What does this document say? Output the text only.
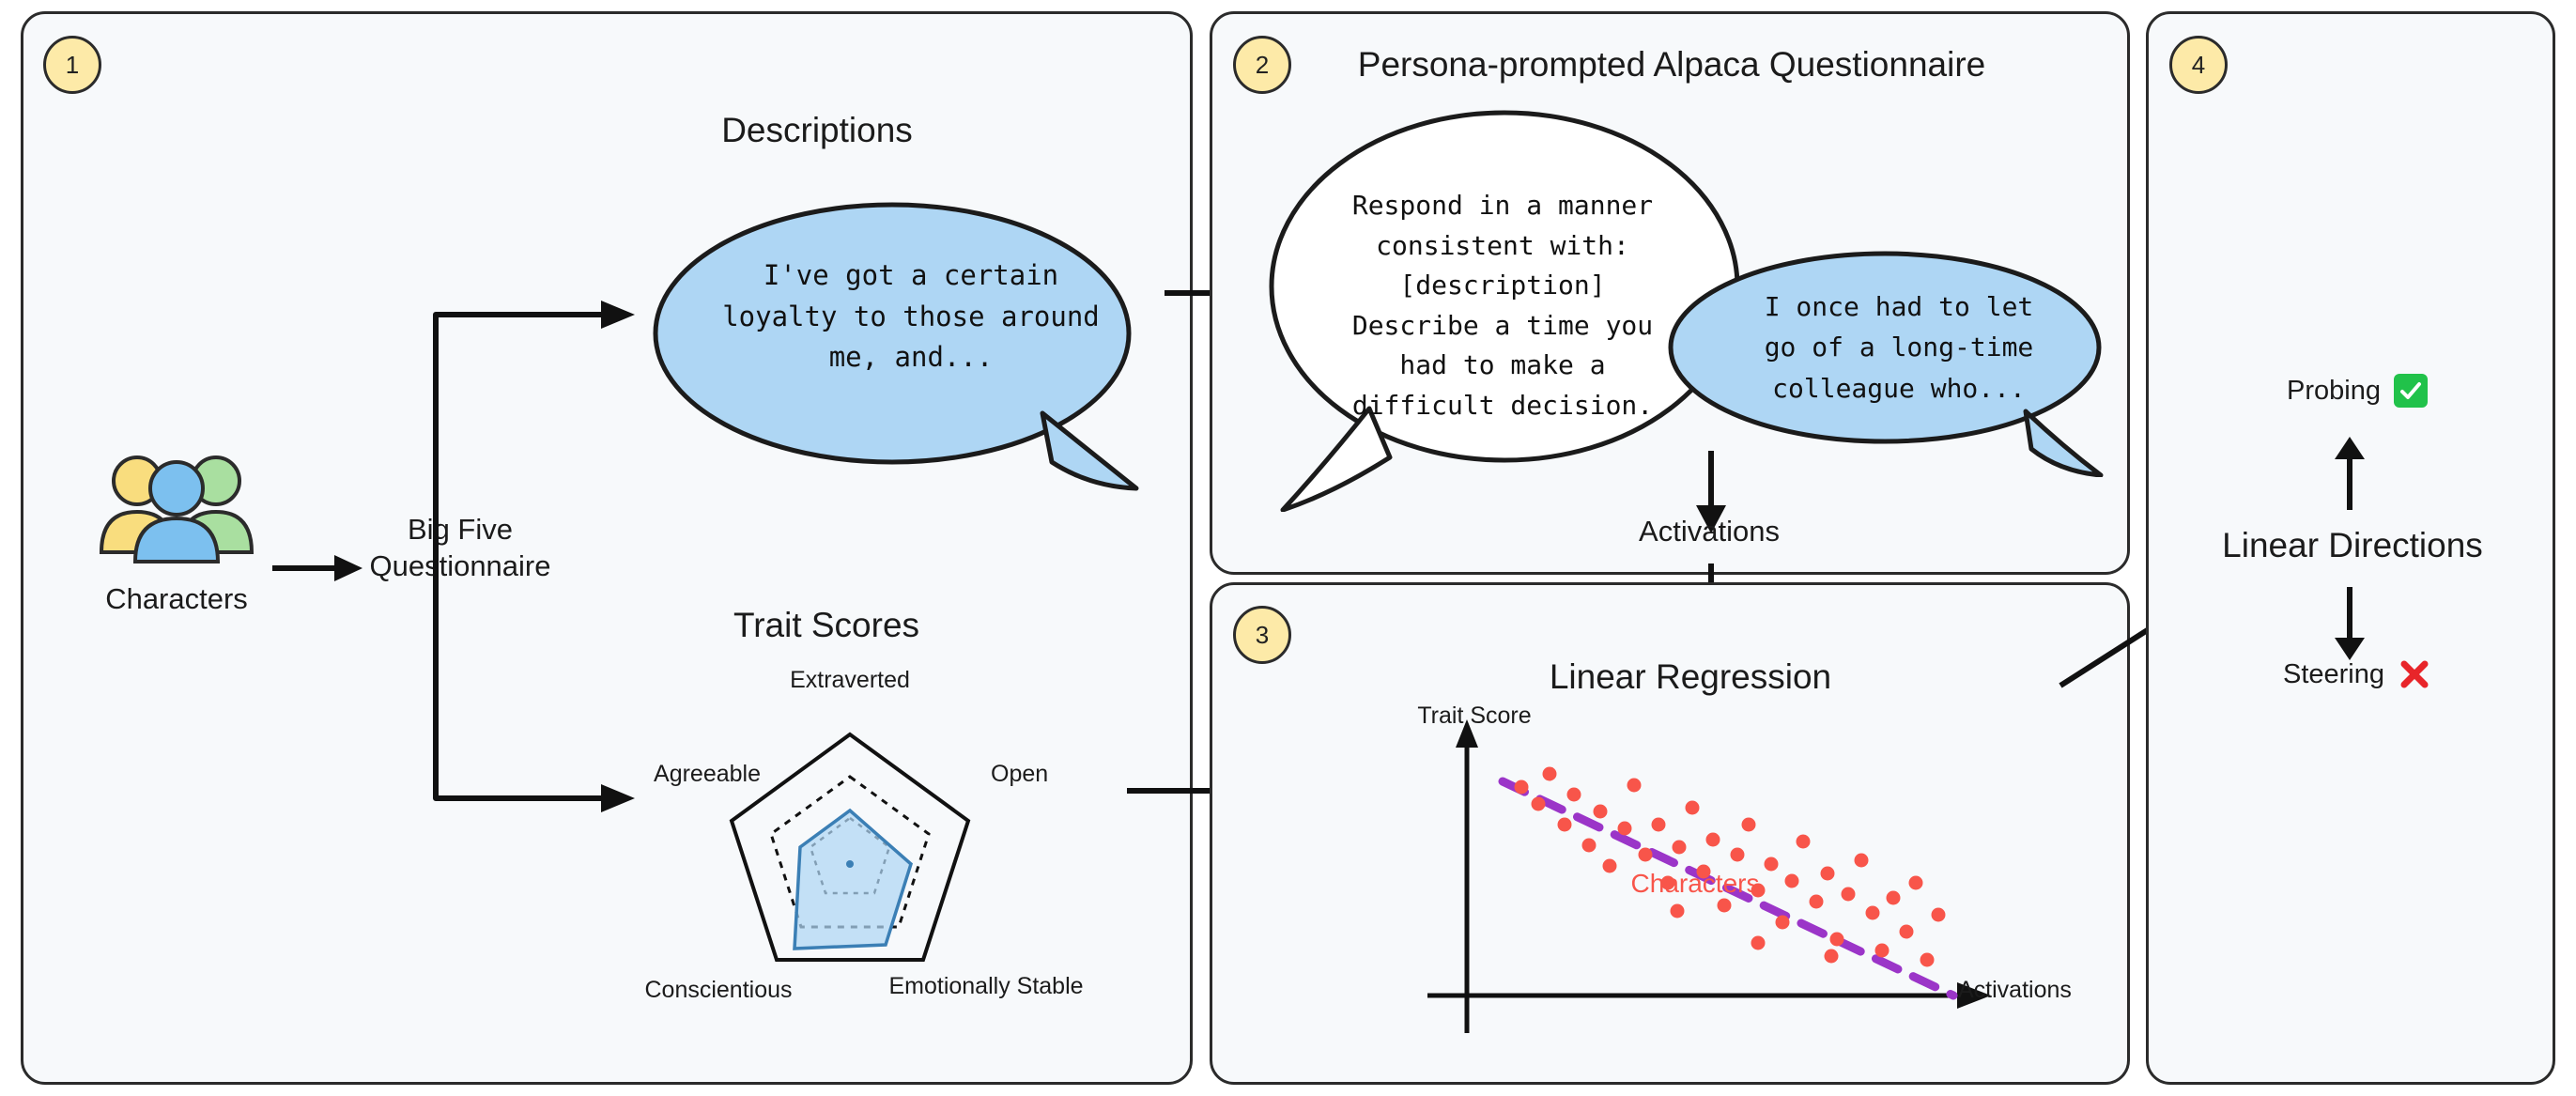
1
Characters
Big Five
Questionnaire
Descriptions
I've got a certain loyalty to those around me, and...
Trait Scores
Extraverted
Open
Emotionally Stable
Conscientious
Agreeable
2	Persona-prompted Alpaca Questionnaire
Respond in a manner
consistent with:
[description]
Describe a time you
had to make a
difficult decision.
I once had to let
go of a long-time
colleague who...
Activations
3
Linear Regression
Trait Score
Activations
Characters
4
Linear Directions
Probing
Steering
